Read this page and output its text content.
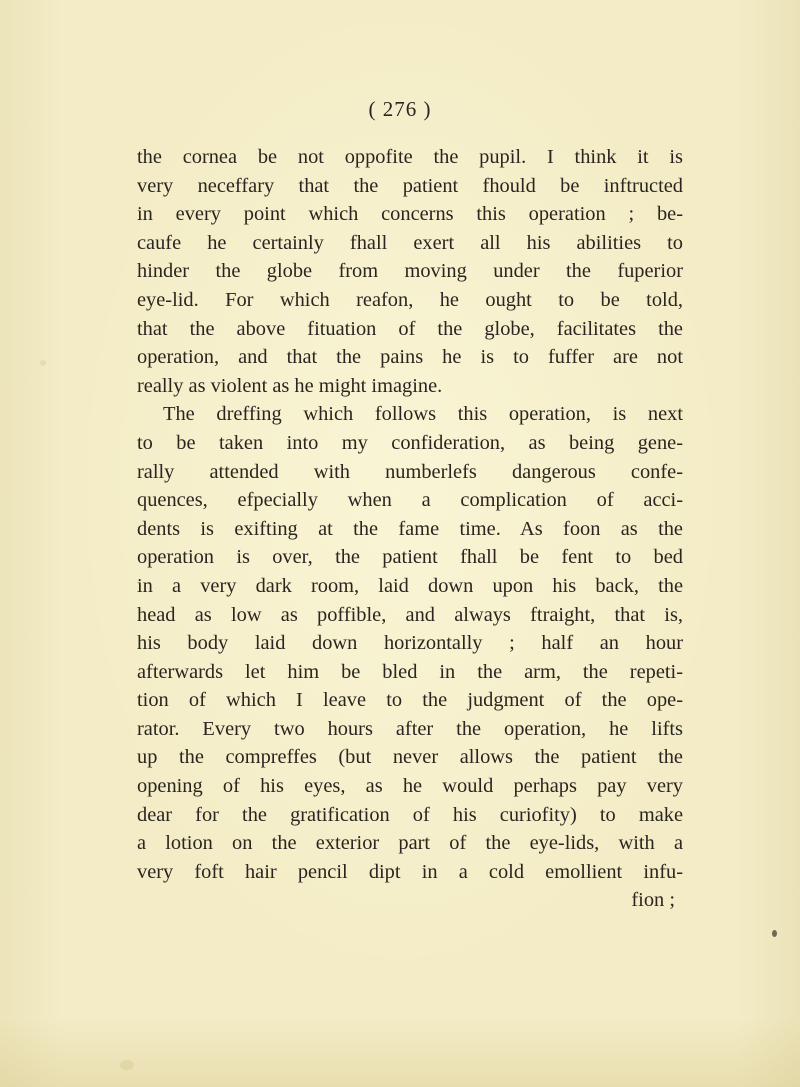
( 276 )
the cornea be not oppofite the pupil. I think it is
very neceffary that the patient fhould be inftructed
in every point which concerns this operation ; be-
caufe he certainly fhall exert all his abilities to
hinder the globe from moving under the fuperior
eye-lid. For which reafon, he ought to be told,
that the above fituation of the globe, facilitates the
operation, and that the pains he is to fuffer are not
really as violent as he might imagine.
The dreffing which follows this operation, is next
to be taken into my confideration, as being gene-
rally attended with numberlefs dangerous confe-
quences, efpecially when a complication of acci-
dents is exifting at the fame time. As foon as the
operation is over, the patient fhall be fent to bed
in a very dark room, laid down upon his back, the
head as low as poffible, and always ftraight, that is,
his body laid down horizontally ; half an hour
afterwards let him be bled in the arm, the repeti-
tion of which I leave to the judgment of the ope-
rator. Every two hours after the operation, he lifts
up the compreffes (but never allows the patient the
opening of his eyes, as he would perhaps pay very
dear for the gratification of his curiofity) to make
a lotion on the exterior part of the eye-lids, with a
very foft hair pencil dipt in a cold emollient infu-
fion ;
